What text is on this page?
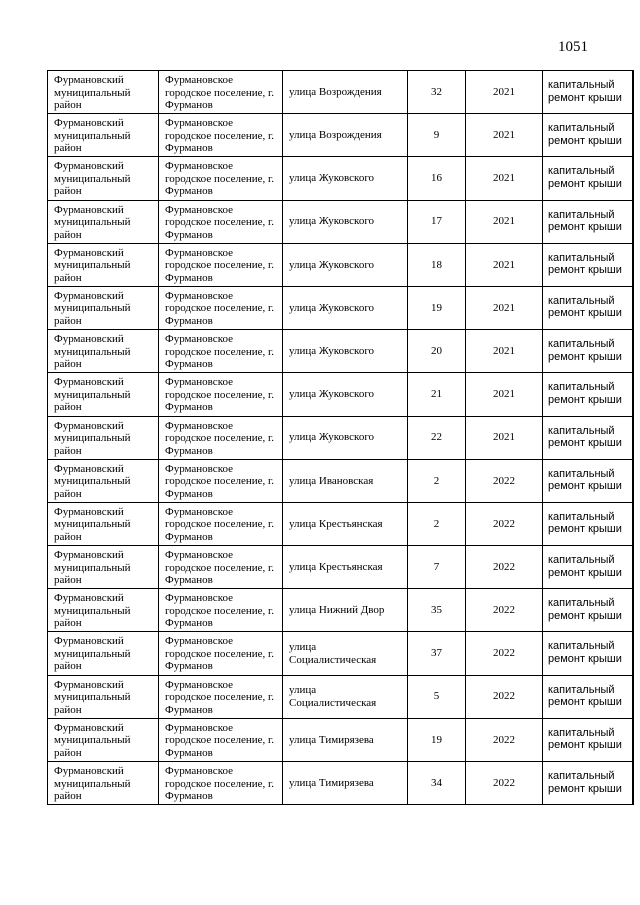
1051
Фурмановский муниципальный район	Фурмановское городское поселение, г. Фурманов	улица Возрождения	32	2021	капитальный ремонт крыши
Фурмановский муниципальный район	Фурмановское городское поселение, г. Фурманов	улица Возрождения	9	2021	капитальный ремонт крыши
Фурмановский муниципальный район	Фурмановское городское поселение, г. Фурманов	улица Жуковского	16	2021	капитальный ремонт крыши
Фурмановский муниципальный район	Фурмановское городское поселение, г. Фурманов	улица Жуковского	17	2021	капитальный ремонт крыши
Фурмановский муниципальный район	Фурмановское городское поселение, г. Фурманов	улица Жуковского	18	2021	капитальный ремонт крыши
Фурмановский муниципальный район	Фурмановское городское поселение, г. Фурманов	улица Жуковского	19	2021	капитальный ремонт крыши
Фурмановский муниципальный район	Фурмановское городское поселение, г. Фурманов	улица Жуковского	20	2021	капитальный ремонт крыши
Фурмановский муниципальный район	Фурмановское городское поселение, г. Фурманов	улица Жуковского	21	2021	капитальный ремонт крыши
Фурмановский муниципальный район	Фурмановское городское поселение, г. Фурманов	улица Жуковского	22	2021	капитальный ремонт крыши
Фурмановский муниципальный район	Фурмановское городское поселение, г. Фурманов	улица Ивановская	2	2022	капитальный ремонт крыши
Фурмановский муниципальный район	Фурмановское городское поселение, г. Фурманов	улица Крестьянская	2	2022	капитальный ремонт крыши
Фурмановский муниципальный район	Фурмановское городское поселение, г. Фурманов	улица Крестьянская	7	2022	капитальный ремонт крыши
Фурмановский муниципальный район	Фурмановское городское поселение, г. Фурманов	улица Нижний Двор	35	2022	капитальный ремонт крыши
Фурмановский муниципальный район	Фурмановское городское поселение, г. Фурманов	улица Социалистическая	37	2022	капитальный ремонт крыши
Фурмановский муниципальный район	Фурмановское городское поселение, г. Фурманов	улица Социалистическая	5	2022	капитальный ремонт крыши
Фурмановский муниципальный район	Фурмановское городское поселение, г. Фурманов	улица Тимирязева	19	2022	капитальный ремонт крыши
Фурмановский муниципальный район	Фурмановское городское поселение, г. Фурманов	улица Тимирязева	34	2022	капитальный ремонт крыши
